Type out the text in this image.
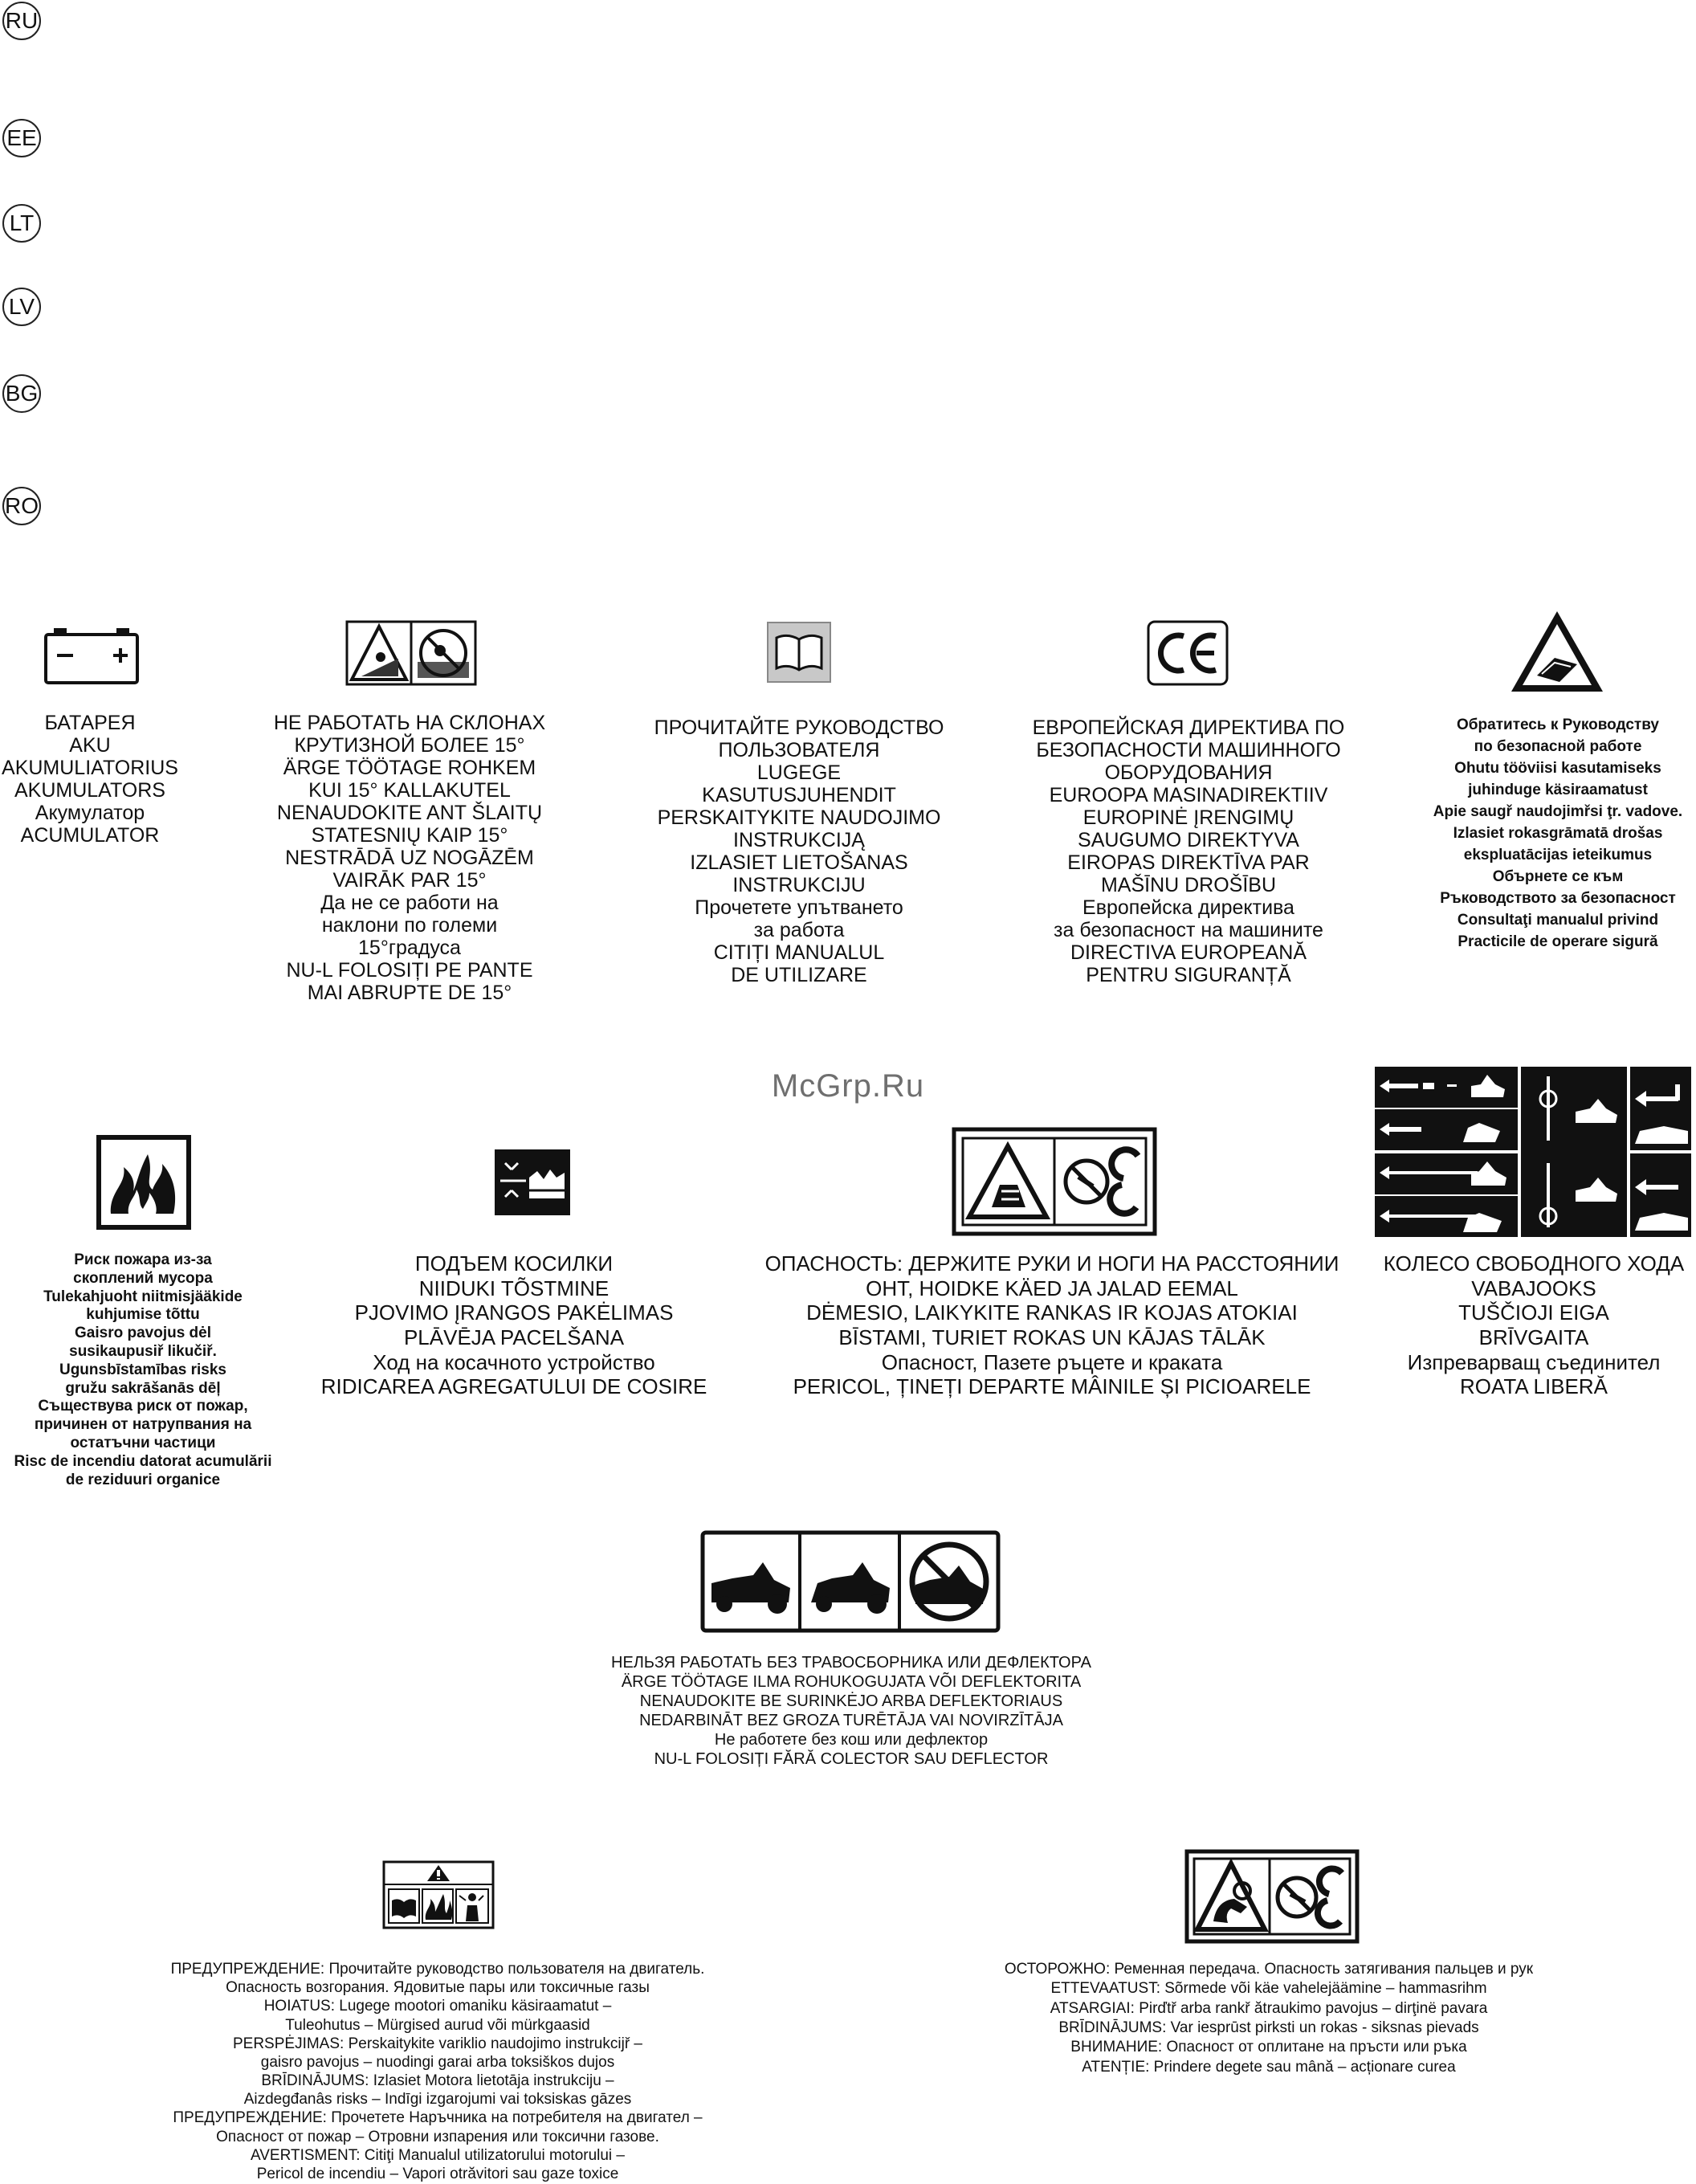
RU
EE
LT
LV
BG
RO
БАТАРЕЯ
AKU
AKUMULIATORIUS
AKUMULATORS
Акумулатор
ACUMULATOR
НЕ РАБОТАТЬ НА СКЛОНАХ
КРУТИЗНОЙ БОЛЕЕ 15°
ÄRGE TÖÖTAGE ROHKEM
KUI 15° KALLAKUTEL
NENAUDOKITE ANT ŠLAITŲ
STATESNIŲ KAIP 15°
NESTRĀDĀ UZ NOGĀZĒM
VAIRĀK PAR 15°
Да не се работи на
наклони по големи
15°градуса
NU-L FOLOSIȚI PE PANTE
MAI ABRUPTE DE 15°
ПРОЧИТАЙТЕ РУКОВОДСТВО
ПОЛЬЗОВАТЕЛЯ
LUGEGE
KASUTUSJUHENDIT
PERSKAITYKITE NAUDOJIMO
INSTRUKCIJĄ
IZLASIET LIETOŠANAS
INSTRUKCIJU
Прочетете упътването
за работа
CITIȚI MANUALUL
DE UTILIZARE
ЕВРОПЕЙСКАЯ ДИРЕКТИВА ПО
БЕЗОПАСНОСТИ МАШИННОГО
ОБОРУДОВАНИЯ
EUROOPA MASINADIREKTIIV
EUROPINĖ ĮRENGIMŲ
SAUGUMO DIREKTYVA
EIROPAS DIREKTĪVA PAR
MAŠĪNU DROŠĪBU
Европейска директива
за безопасност на машините
DIRECTIVA EUROPEANĂ
PENTRU SIGURANȚĂ
Обратитесь к Руководству
по безопасной работе
Ohutu tööviisi kasutamiseks
juhinduge käsiraamatust
Apie saugř naudojimřsi ţr. vadove.
Izlasiet rokasgrāmatā drošas
ekspluatācijas ieteikumus
Обърнете се към
Ръководството за безопасност
Consultaţi manualul privind
Practicile de operare sigură
McGrp.Ru
Риск пожара из-за
скоплений мусора
Tulekahjuoht niitmisjääkide
kuhjumise tõttu
Gaisro pavojus dėl
susikaupusiř likučiř.
Ugunsbīstamības risks
gružu sakrāšanās dēļ
Съществува риск от пожар,
причинен от натрупвания на
остатъчни частици
Risc de incendiu datorat acumulării
de reziduuri organice
ПОДЪЕМ КОСИЛКИ
NIIDUKI TÕSTMINE
PJOVIMO ĮRANGOS PAKĖLIMAS
PLĀVĒJA PACELŠANA
Ход на косачното устройство
RIDICAREA AGREGATULUI DE COSIRE
ОПАСНОСТЬ: ДЕРЖИТЕ РУКИ И НОГИ НА РАССТОЯНИИ
OHT, HOIDKE KÄED JA JALAD EEMAL
DĖMESIO, LAIKYKITE RANKAS IR KOJAS ATOKIAI
BĪSTAMI, TURIET ROKAS UN KĀJAS TĀLĀK
Опасност, Пазете ръцете и краката
PERICOL, ȚINEȚI DEPARTE MÂINILE ȘI PICIOARELE
КОЛЕСО СВОБОДНОГО ХОДА
VABAJOOKS
TUŠČIOJI EIGA
BRĪVGAITA
Изпреварващ съединител
ROATA LIBERĂ
НЕЛЬЗЯ РАБОТАТЬ БЕЗ ТРАВОСБОРНИКА ИЛИ ДЕФЛЕКТОРА
ÄRGE TÖÖTAGE ILMA ROHUKOGUJATA VÕI DEFLEKTORITA
NENAUDOKITE BE SURINKĖJO ARBA DEFLEKTORIAUS
NEDARBINĀT BEZ GROZA TURĒTĀJA VAI NOVIRZĪTĀJA
Не работете без кош или дефлектор
NU-L FOLOSIȚI FĂRĂ COLECTOR SAU DEFLECTOR
ПРЕДУПРЕЖДЕНИЕ: Прочитайте руководство пользователя на двигатель.
Опасность возгорания. Ядовитые пары или токсичные газы
HOIATUS: Lugege mootori omaniku käsiraamatut –
Tuleohutus – Mürgised aurud või mürkgaasid
PERSPĖJIMAS: Perskaitykite variklio naudojimo instrukcijř –
gaisro pavojus – nuodingi garai arba toksiškos dujos
BRĪDINĀJUMS: Izlasiet Motora lietotāja instrukciju –
Aizdegđanâs risks – Indīgi izgarojumi vai toksiskas gāzes
ПРЕДУПРЕЖДЕНИЕ: Прочетете Наръчника на потребителя на двигател –
Опасност от пожар – Отровни изпарения или токсични газове.
AVERTISMENT: Citiţi Manualul utilizatorului motorului –
Pericol de incendiu – Vapori otrăvitori sau gaze toxice
ОСТОРОЖНО: Ременная передача. Опасность затягивания пальцев и рук
ETTEVAATUST: Sõrmede või käe vahelejäämine – hammasrihm
ATSARGIAI: Pirďtř arba rankř ătraukimo pavojus – dirţinë pavara
BRĪDINĀJUMS: Var iesprūst pirksti un rokas - siksnas pievads
ВНИМАНИЕ: Опасност от оплитане на пръсти или ръка
ATENȚIE: Prindere degete sau mână – acționare curea
